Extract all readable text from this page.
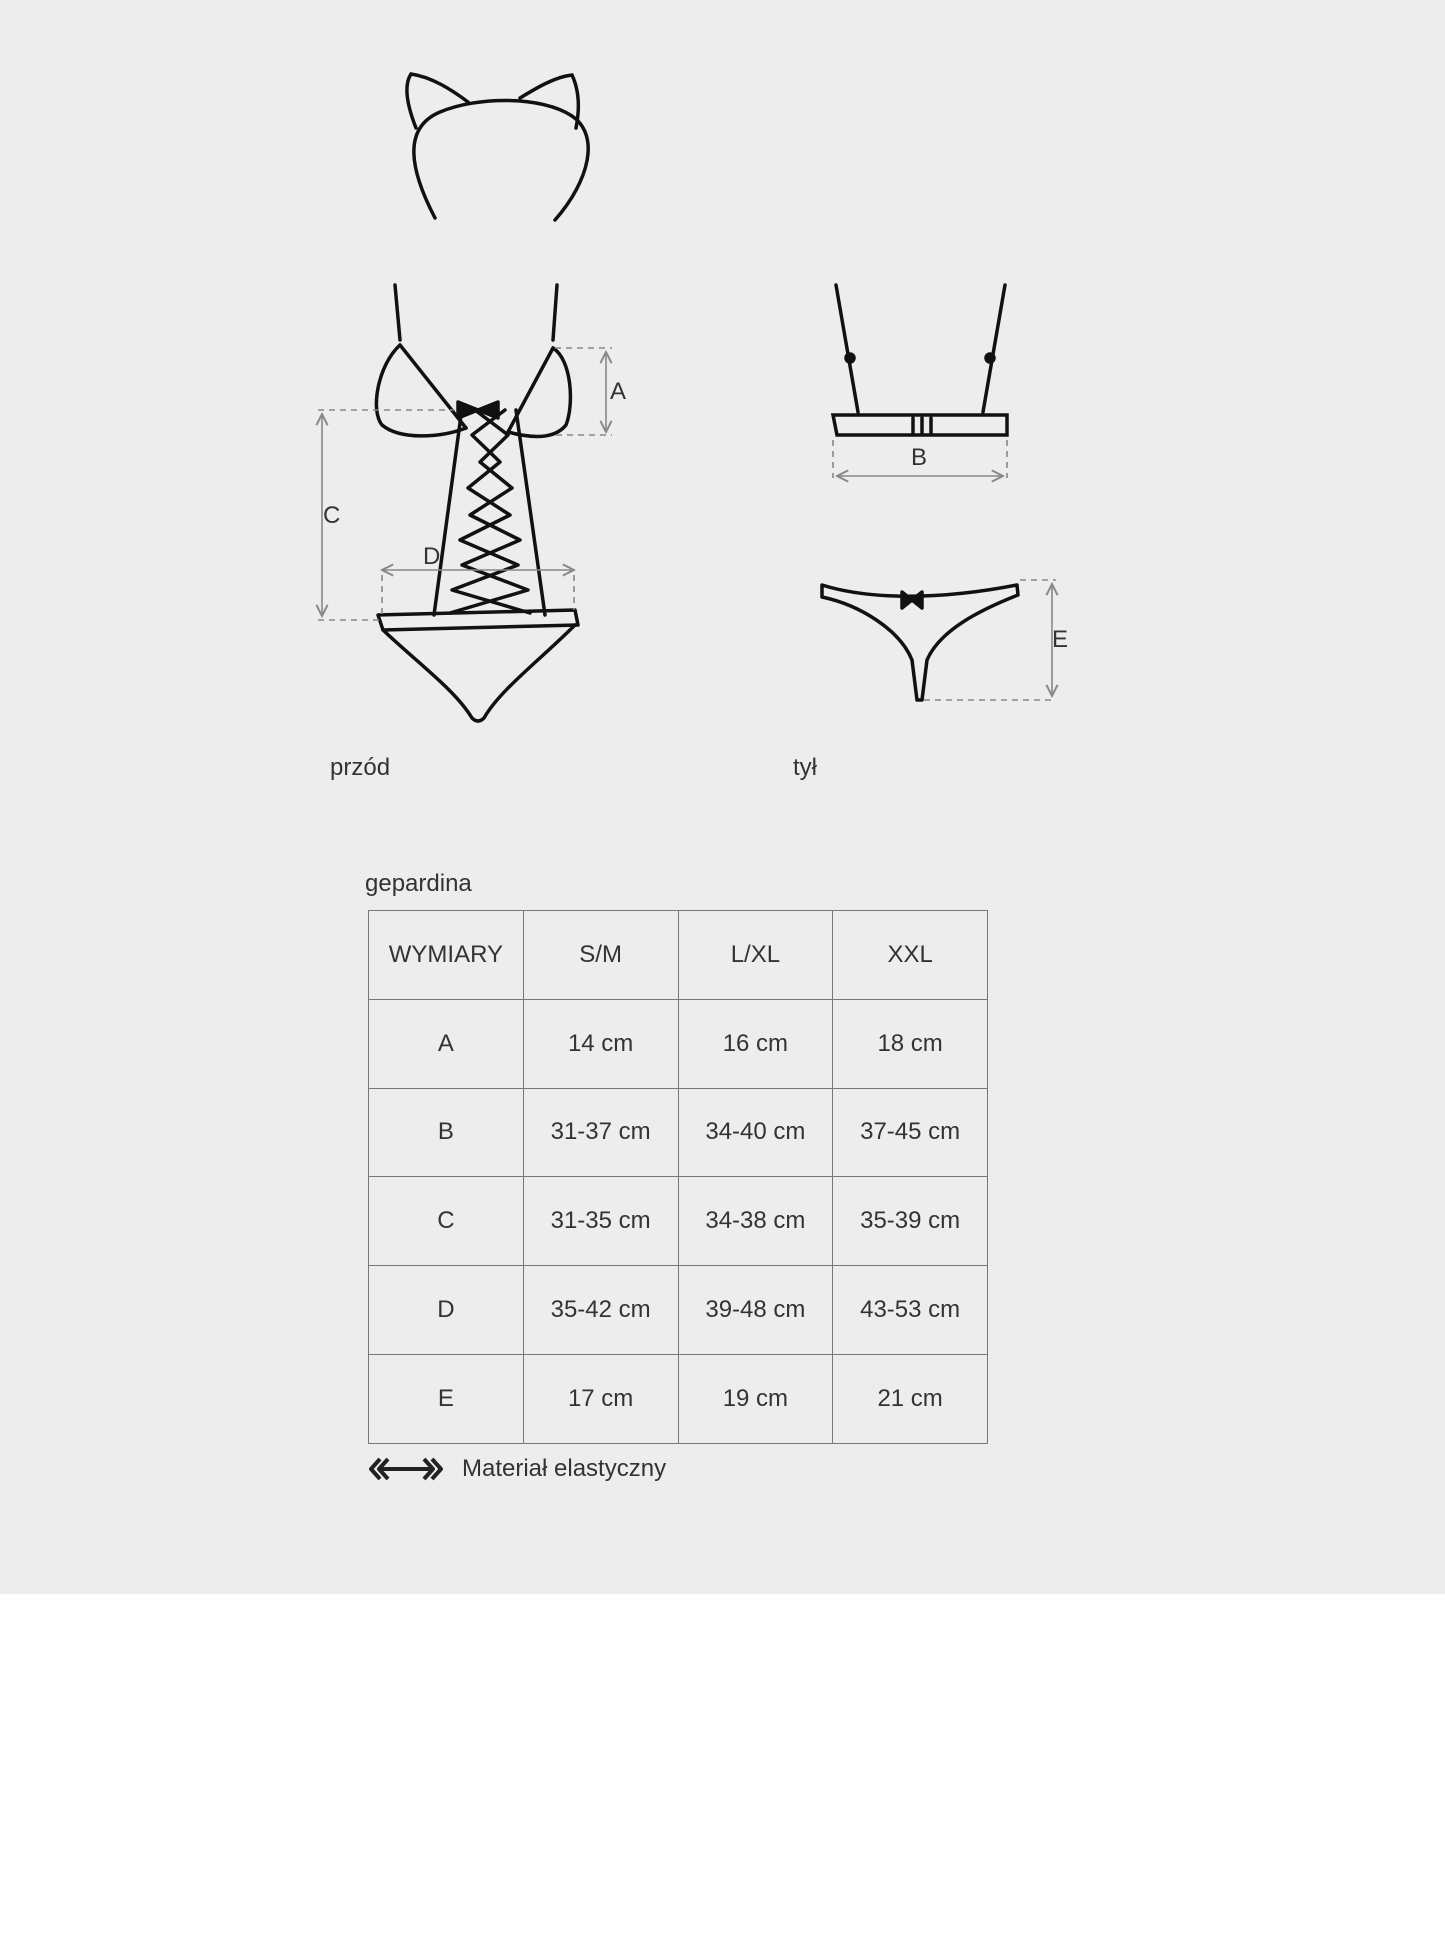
A
C
D
B
E
przód	tył
gepardina
WYMIARY	S/M	L/XL	XXL
A	14 cm	16 cm	18 cm
B	31-37 cm	34-40 cm	37-45 cm
C	31-35 cm	34-38 cm	35-39 cm
D	35-42 cm	39-48 cm	43-53 cm
E	17 cm	19 cm	21 cm
Materiał elastyczny
